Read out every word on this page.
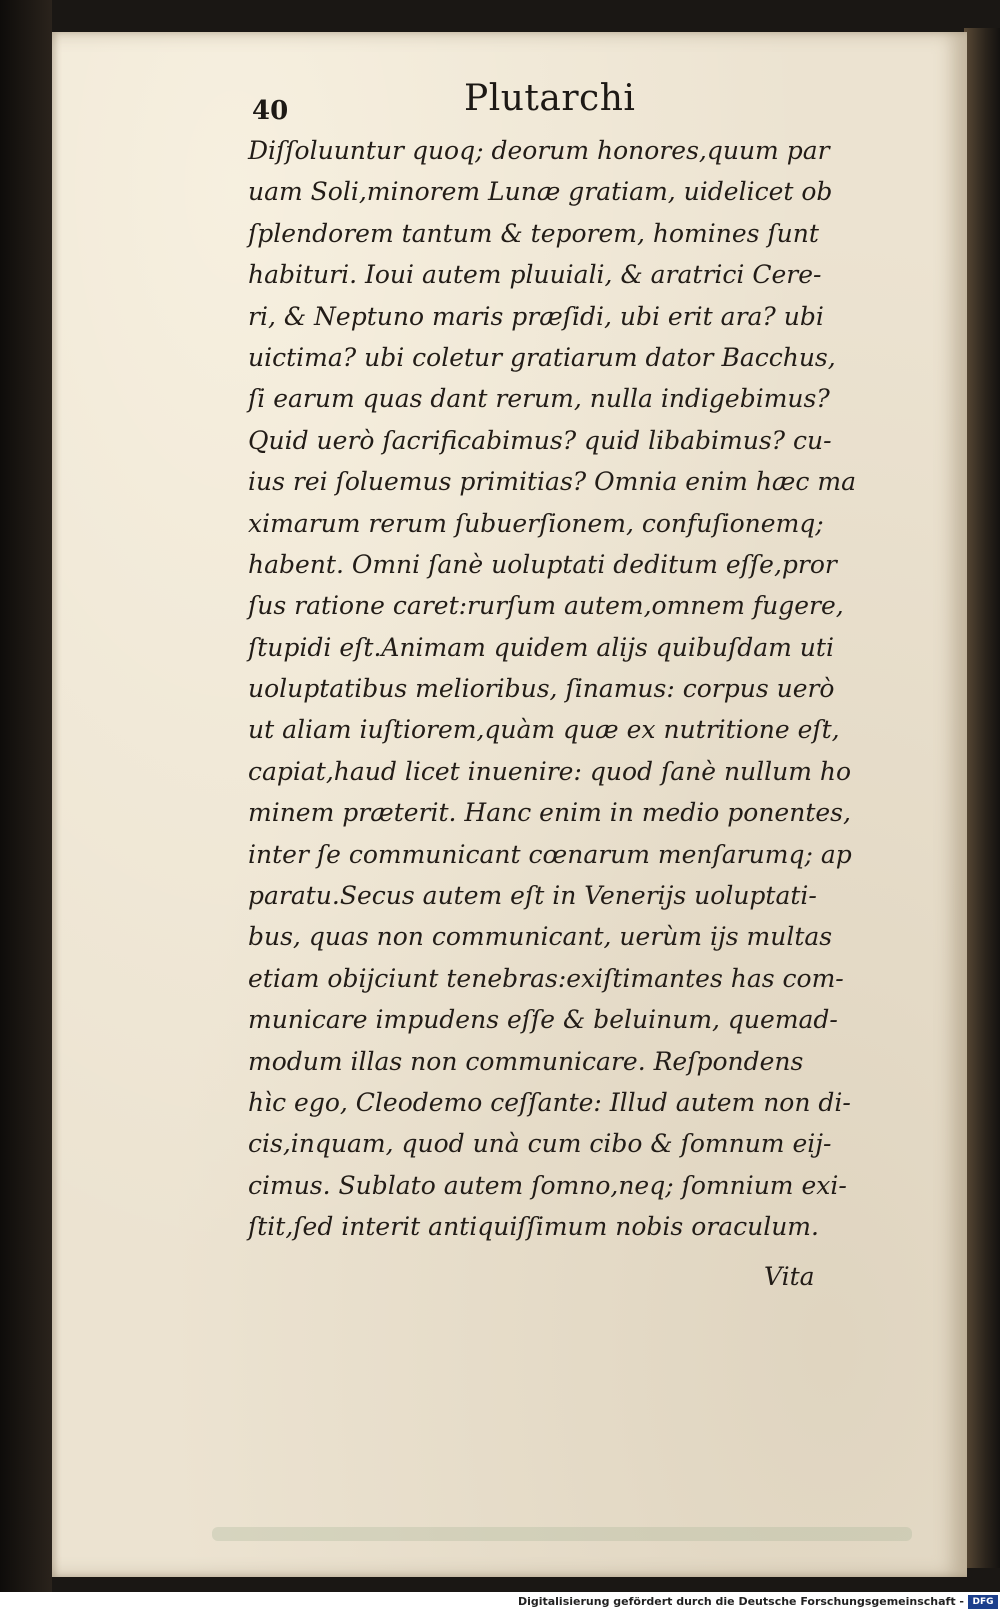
40	Plutarchi
Diſſoluuntur quoq; deorum honores,quum par
uam Soli,minorem Lunæ gratiam, uidelicet ob
ſplendorem tantum & teporem, homines ſunt
habituri. Ioui autem pluuiali, & aratrici Cere-
ri, & Neptuno maris præſidi, ubi erit ara? ubi
uictima? ubi coletur gratiarum dator Bacchus,
ſi earum quas dant rerum, nulla indigebimus?
Quid uerò ſacrificabimus? quid libabimus? cu-
ius rei ſoluemus primitias? Omnia enim hæc ma
ximarum rerum ſubuerſionem, confuſionemq;
habent. Omni ſanè uoluptati deditum eſſe,pror
ſus ratione caret:rurſum autem,omnem fugere,
ſtupidi eſt.Animam quidem alijs quibuſdam uti
uoluptatibus melioribus, ſinamus: corpus uerò
ut aliam iuſtiorem,quàm quæ ex nutritione eſt,
capiat,haud licet inuenire: quod ſanè nullum ho
minem præterit. Hanc enim in medio ponentes,
inter ſe communicant cœnarum menſarumq; ap
paratu.Secus autem eſt in Venerijs uoluptati-
bus, quas non communicant, uerùm ijs multas
etiam obijciunt tenebras:exiſtimantes has com-
municare impudens eſſe & beluinum, quemad-
modum illas non communicare. Reſpondens
hìc ego, Cleodemo ceſſante: Illud autem non di-
cis,inquam, quod unà cum cibo & ſomnum eij-
cimus. Sublato autem ſomno,neq; ſomnium exi-
ſtit,ſed interit antiquiſſimum nobis oraculum.
Vita
Digitalisierung gefördert durch die Deutsche Forschungsgemeinschaft - DFG
